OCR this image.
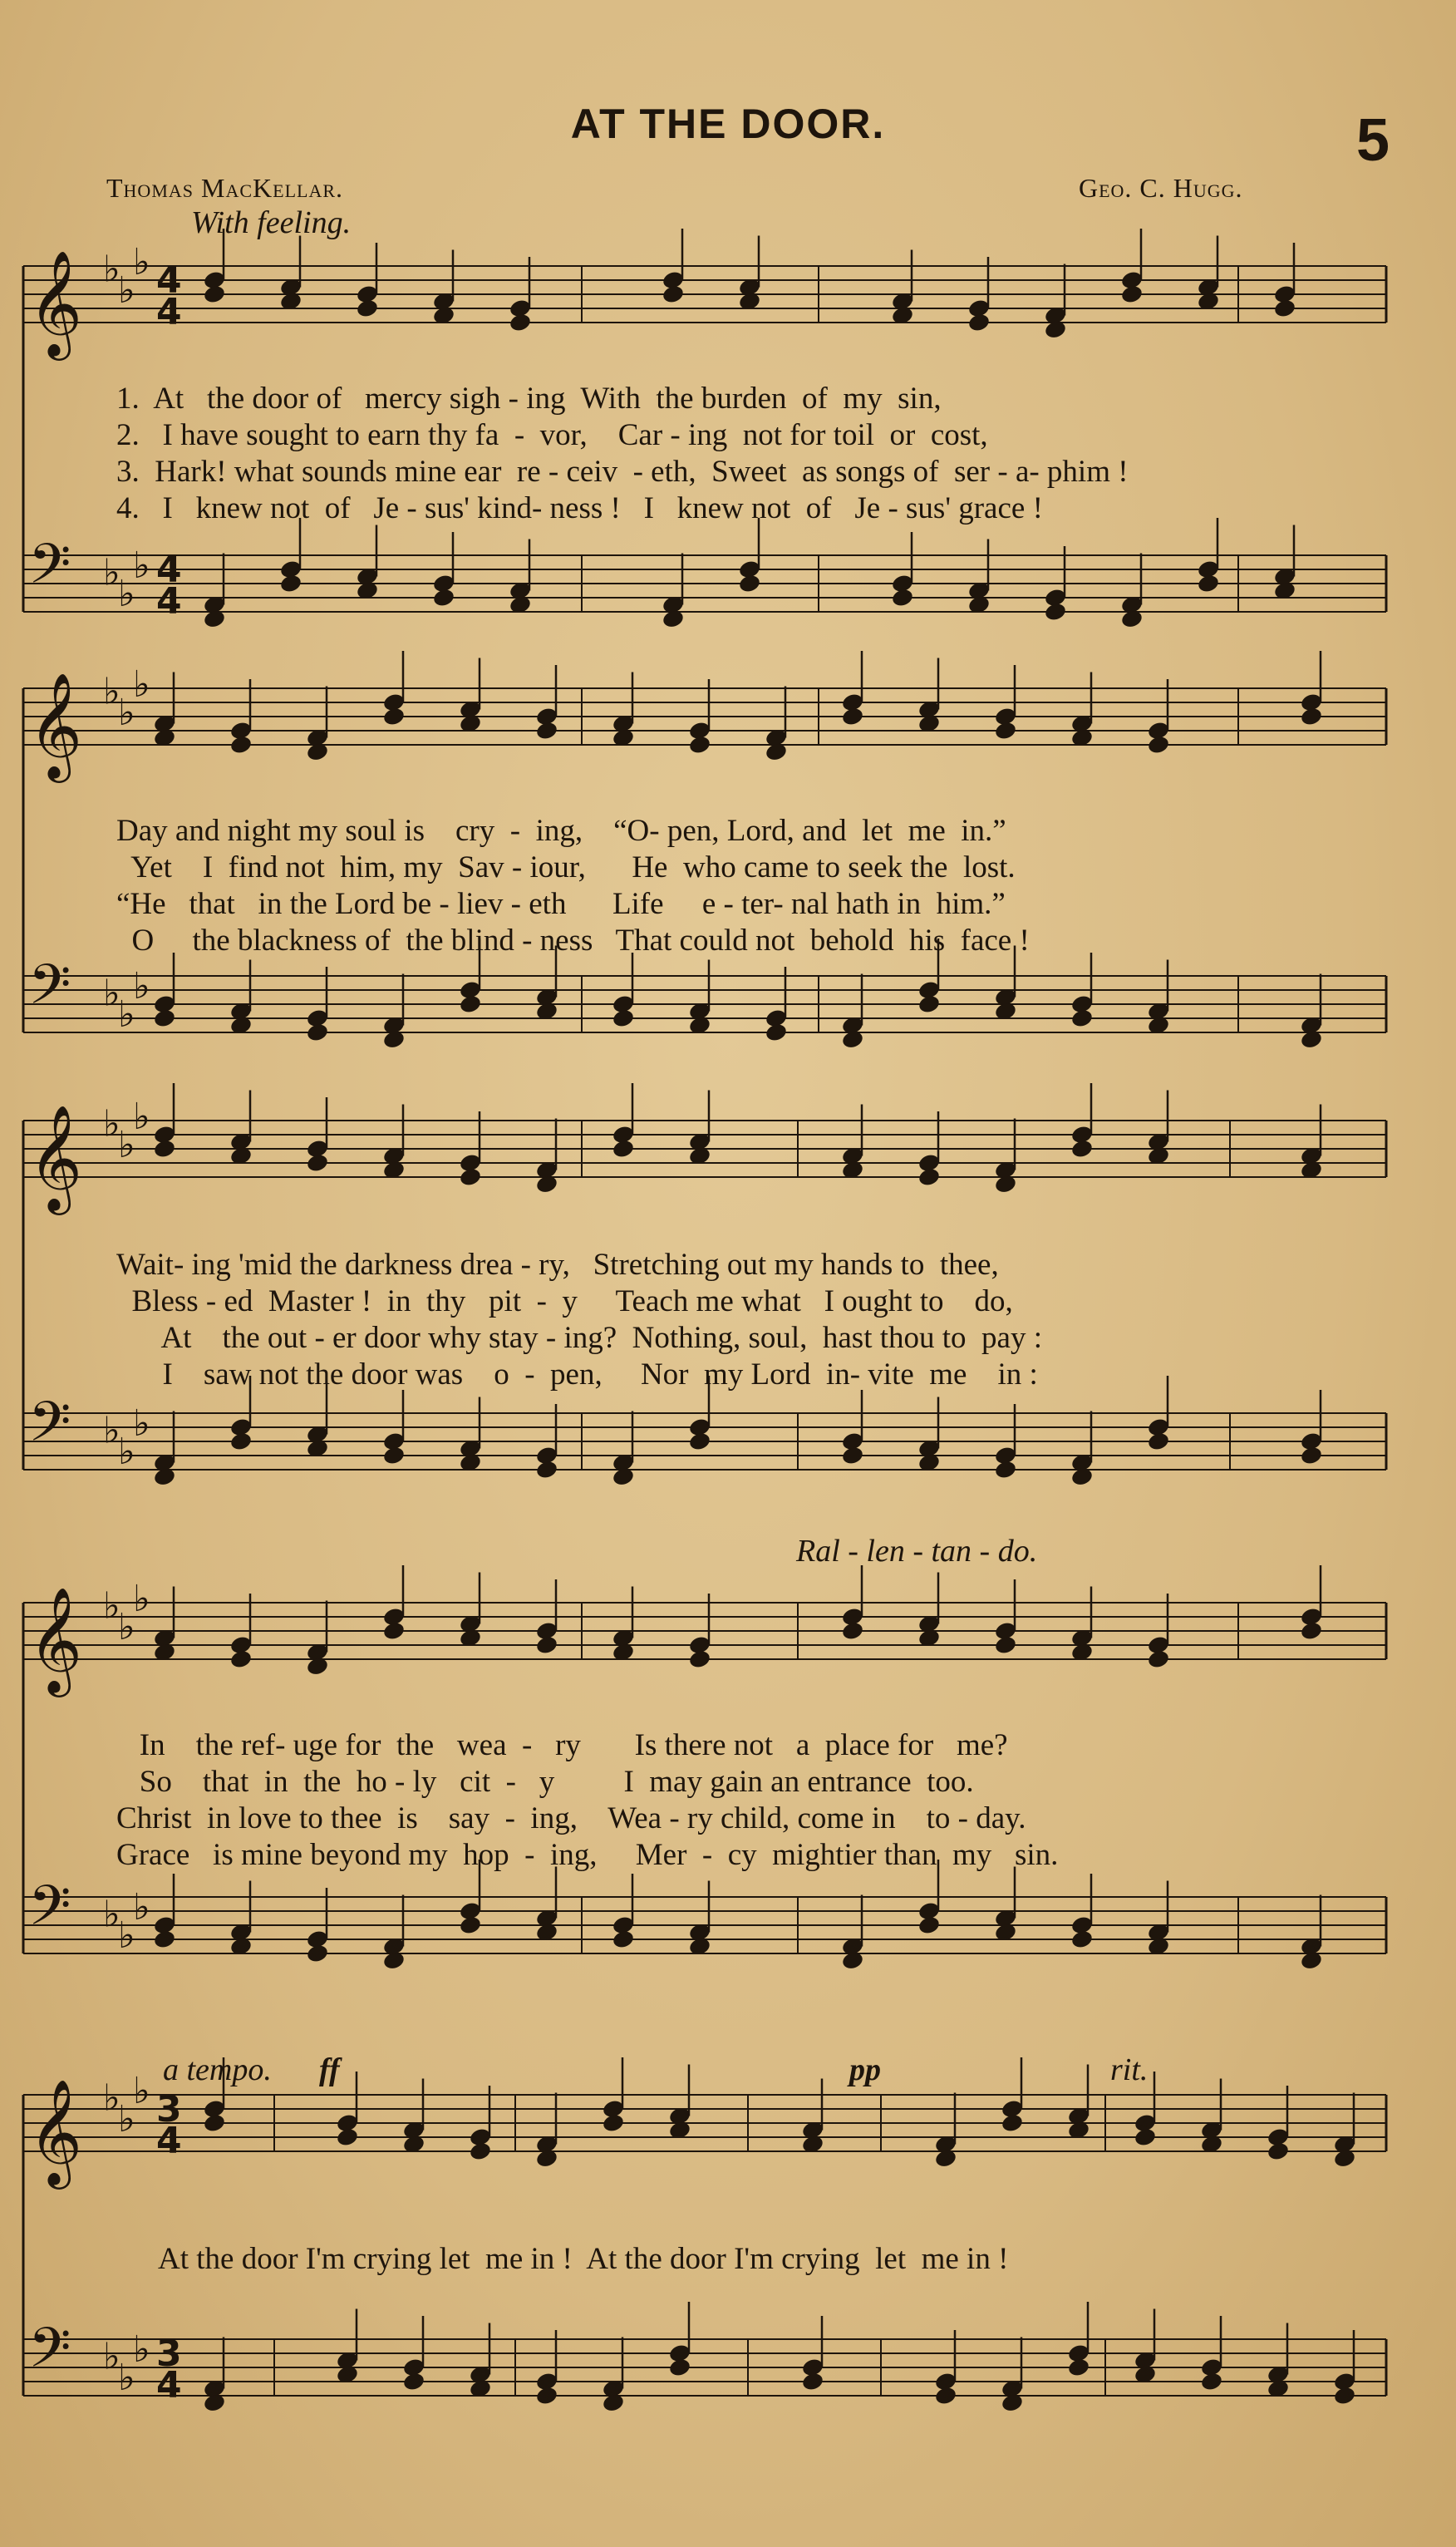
AT THE DOOR.	5
Thomas MacKellar.	Geo. C. Hugg.
With feeling.
𝄞 ♭
♭
♭ 4
4
𝄢 ♭
♭
♭ 4
4
𝄞 ♭
♭
♭
𝄢 ♭
♭
♭
𝄞 ♭
♭
♭
𝄢 ♭
♭
♭
𝄞 ♭
♭
♭
𝄢 ♭
♭
♭
𝄞 ♭
♭
♭ 3
4
𝄢 ♭
♭
♭ 3
4
1.  At   the door of   mercy sigh - ing  With  the burden  of  my  sin,
2.   I have sought to earn thy fa  -  vor,    Car - ing  not for toil  or  cost,
3.  Hark! what sounds mine ear  re - ceiv  - eth,  Sweet  as songs of  ser - a- phim !
4.   I   knew not  of   Je - sus' kind- ness !   I   knew not  of   Je - sus' grace !
Day and night my soul is    cry  -  ing,    “O- pen, Lord, and  let  me  in.”
Yet    I  find not  him, my  Sav - iour,      He  who came to seek the  lost.
“He   that   in the Lord be - liev - eth      Life     e - ter- nal hath in  him.”
O     the blackness of  the blind - ness   That could not  behold  his  face !
Wait- ing 'mid the darkness drea - ry,   Stretching out my hands to  thee,
Bless - ed  Master !  in  thy   pit  -  y     Teach me what   I ought to    do,
At    the out - er door why stay - ing?  Nothing, soul,  hast thou to  pay :
I    saw not the door was    o  -  pen,     Nor  my Lord  in- vite  me    in :
Ral - len - tan - do.
In    the ref- uge for  the   wea  -   ry       Is there not   a  place for   me?
So    that  in  the  ho - ly   cit  -   y         I  may gain an entrance  too.
Christ  in love to thee  is    say  -  ing,    Wea - ry child, come in    to - day.
Grace   is mine beyond my  hop  -  ing,     Mer  -  cy  mightier than  my   sin.
a tempo. ff	pp	rit.
At the door I'm crying let  me in !  At the door I'm crying  let  me in !
